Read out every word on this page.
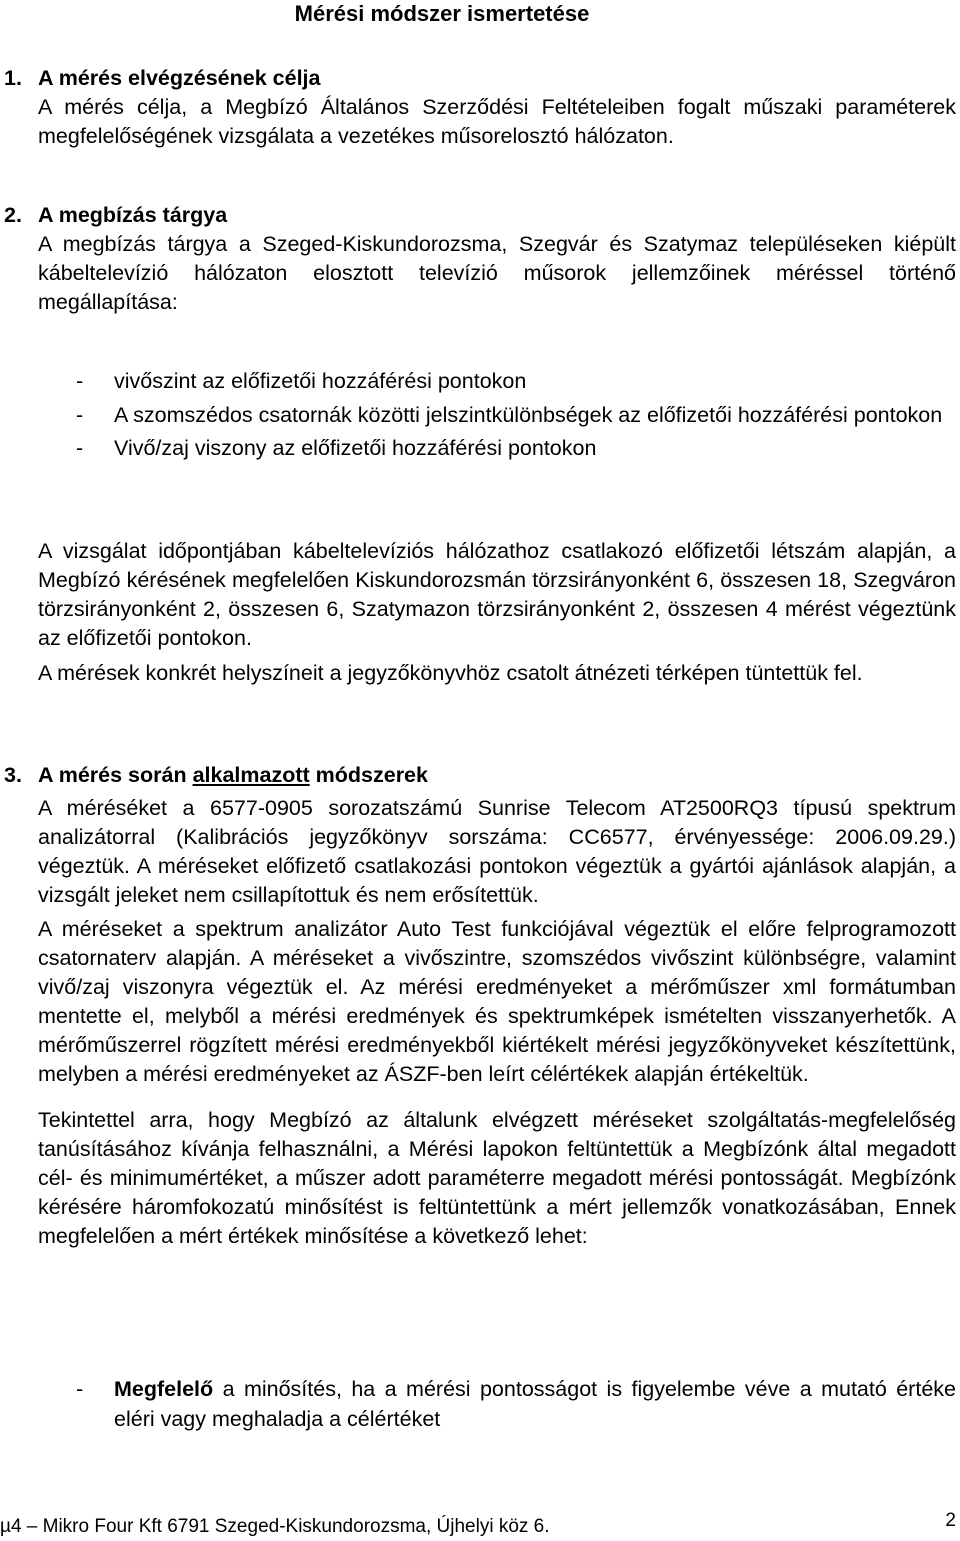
Mérési módszer ismertetése
1. A mérés elvégzésének célja

A mérés célja, a Megbízó Általános Szerződési Feltételeiben fogalt műszaki paraméterek megfelelőségének vizsgálata a vezetékes műsorelosztó hálózaton.

2. A megbízás tárgya

A megbízás tárgya a Szeged-Kiskundorozsma, Szegvár és Szatymaz településeken kiépült kábeltelevízió hálózaton elosztott televízió műsorok jellemzőinek méréssel történő megállapítása:

- vivőszint az előfizetői hozzáférési pontokon

- A szomszédos csatornák közötti jelszintkülönbségek az előfizetői hozzáférési pontokon

- Vivő/zaj viszony az előfizetői hozzáférési pontokon

A vizsgálat időpontjában kábeltelevíziós hálózathoz csatlakozó előfizetői létszám alapján, a Megbízó kérésének megfelelően Kiskundorozsmán törzsirányonként 6, összesen 18, Szegváron törzsirányonként 2, összesen 6, Szatymazon törzsirányonként 2, összesen 4 mérést végeztünk az előfizetői pontokon.

A mérések konkrét helyszíneit a jegyzőkönyvhöz csatolt átnézeti térképen tüntettük fel.

3. A mérés során alkalmazott módszerek

A méréséket a 6577-0905 sorozatszámú Sunrise Telecom AT2500RQ3 típusú spektrum analizátorral (Kalibrációs jegyzőkönyv sorszáma: CC6577, érvényessége: 2006.09.29.) végeztük. A méréseket előfizető csatlakozási pontokon végeztük a gyártói ajánlások alapján, a vizsgált jeleket nem csillapítottuk és nem erősítettük.

A méréseket a spektrum analizátor Auto Test funkciójával végeztük el előre felprogramozott csatornaterv alapján. A méréseket a vivőszintre, szomszédos vivőszint különbségre, valamint vivő/zaj viszonyra végeztük el. Az mérési eredményeket a mérőműszer xml formátumban mentette el, melyből a mérési eredmények és spektrumképek ismételten visszanyerhetők. A mérőműszerrel rögzített mérési eredményekből kiértékelt mérési jegyzőkönyveket készítettünk, melyben a mérési eredményeket az ÁSZF-ben leírt célértékek alapján értékeltük.

Tekintettel arra, hogy Megbízó az általunk elvégzett méréseket szolgáltatás-megfelelőség tanúsításához kívánja felhasználni, a Mérési lapokon feltüntettük a Megbízónk által megadott cél- és minimumértéket, a műszer adott paraméterre megadott mérési pontosságát. Megbízónk kérésére háromfokozatú minősítést is feltüntettünk a mért jellemzők vonatkozásában, Ennek megfelelően a mért értékek minősítése a következő lehet:

- Megfelelő a minősítés, ha a mérési pontosságot is figyelembe véve a mutató értéke eléri vagy meghaladja a célértéket

µ4 – Mikro Four Kft 6791 Szeged-Kiskundorozsma, Újhelyi köz 6.	2
